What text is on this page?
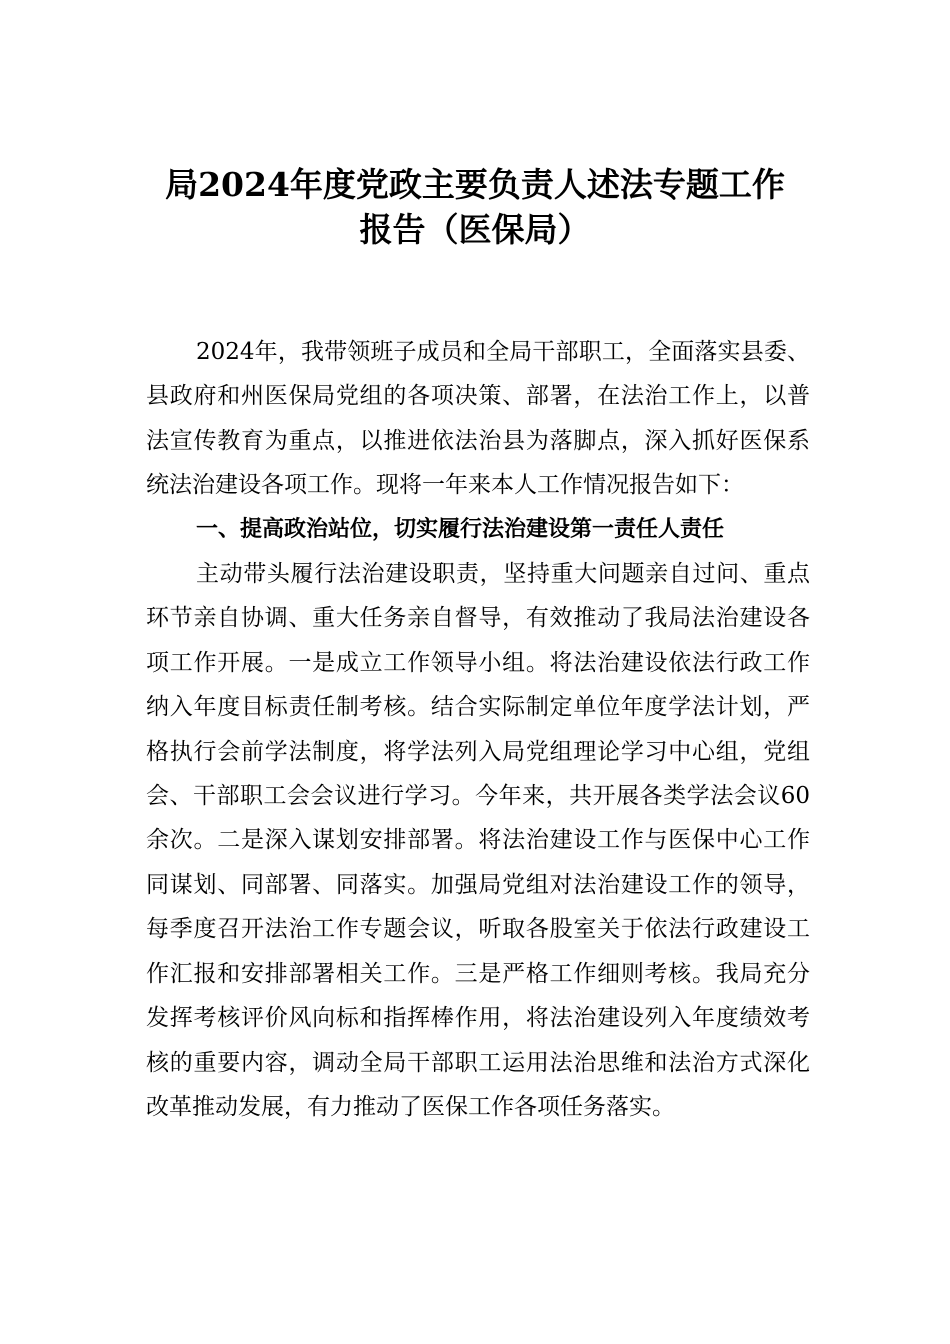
局2024年度党政主要负责人述法专题工作
报告（医保局）

2024年，我带领班子成员和全局干部职工，全面落实县委、县政府和州医保局党组的各项决策、部署，在法治工作上，以普法宣传教育为重点，以推进依法治县为落脚点，深入抓好医保系统法治建设各项工作。现将一年来本人工作情况报告如下：

一、提高政治站位，切实履行法治建设第一责任人责任

主动带头履行法治建设职责，坚持重大问题亲自过问、重点环节亲自协调、重大任务亲自督导，有效推动了我局法治建设各项工作开展。一是成立工作领导小组。将法治建设依法行政工作纳入年度目标责任制考核。结合实际制定单位年度学法计划，严格执行会前学法制度，将学法列入局党组理论学习中心组，党组会、干部职工会会议进行学习。今年来，共开展各类学法会议60余次。二是深入谋划安排部署。将法治建设工作与医保中心工作同谋划、同部署、同落实。加强局党组对法治建设工作的领导，每季度召开法治工作专题会议，听取各股室关于依法行政建设工作汇报和安排部署相关工作。三是严格工作细则考核。我局充分发挥考核评价风向标和指挥棒作用，将法治建设列入年度绩效考核的重要内容，调动全局干部职工运用法治思维和法治方式深化改革推动发展，有力推动了医保工作各项任务落实。
